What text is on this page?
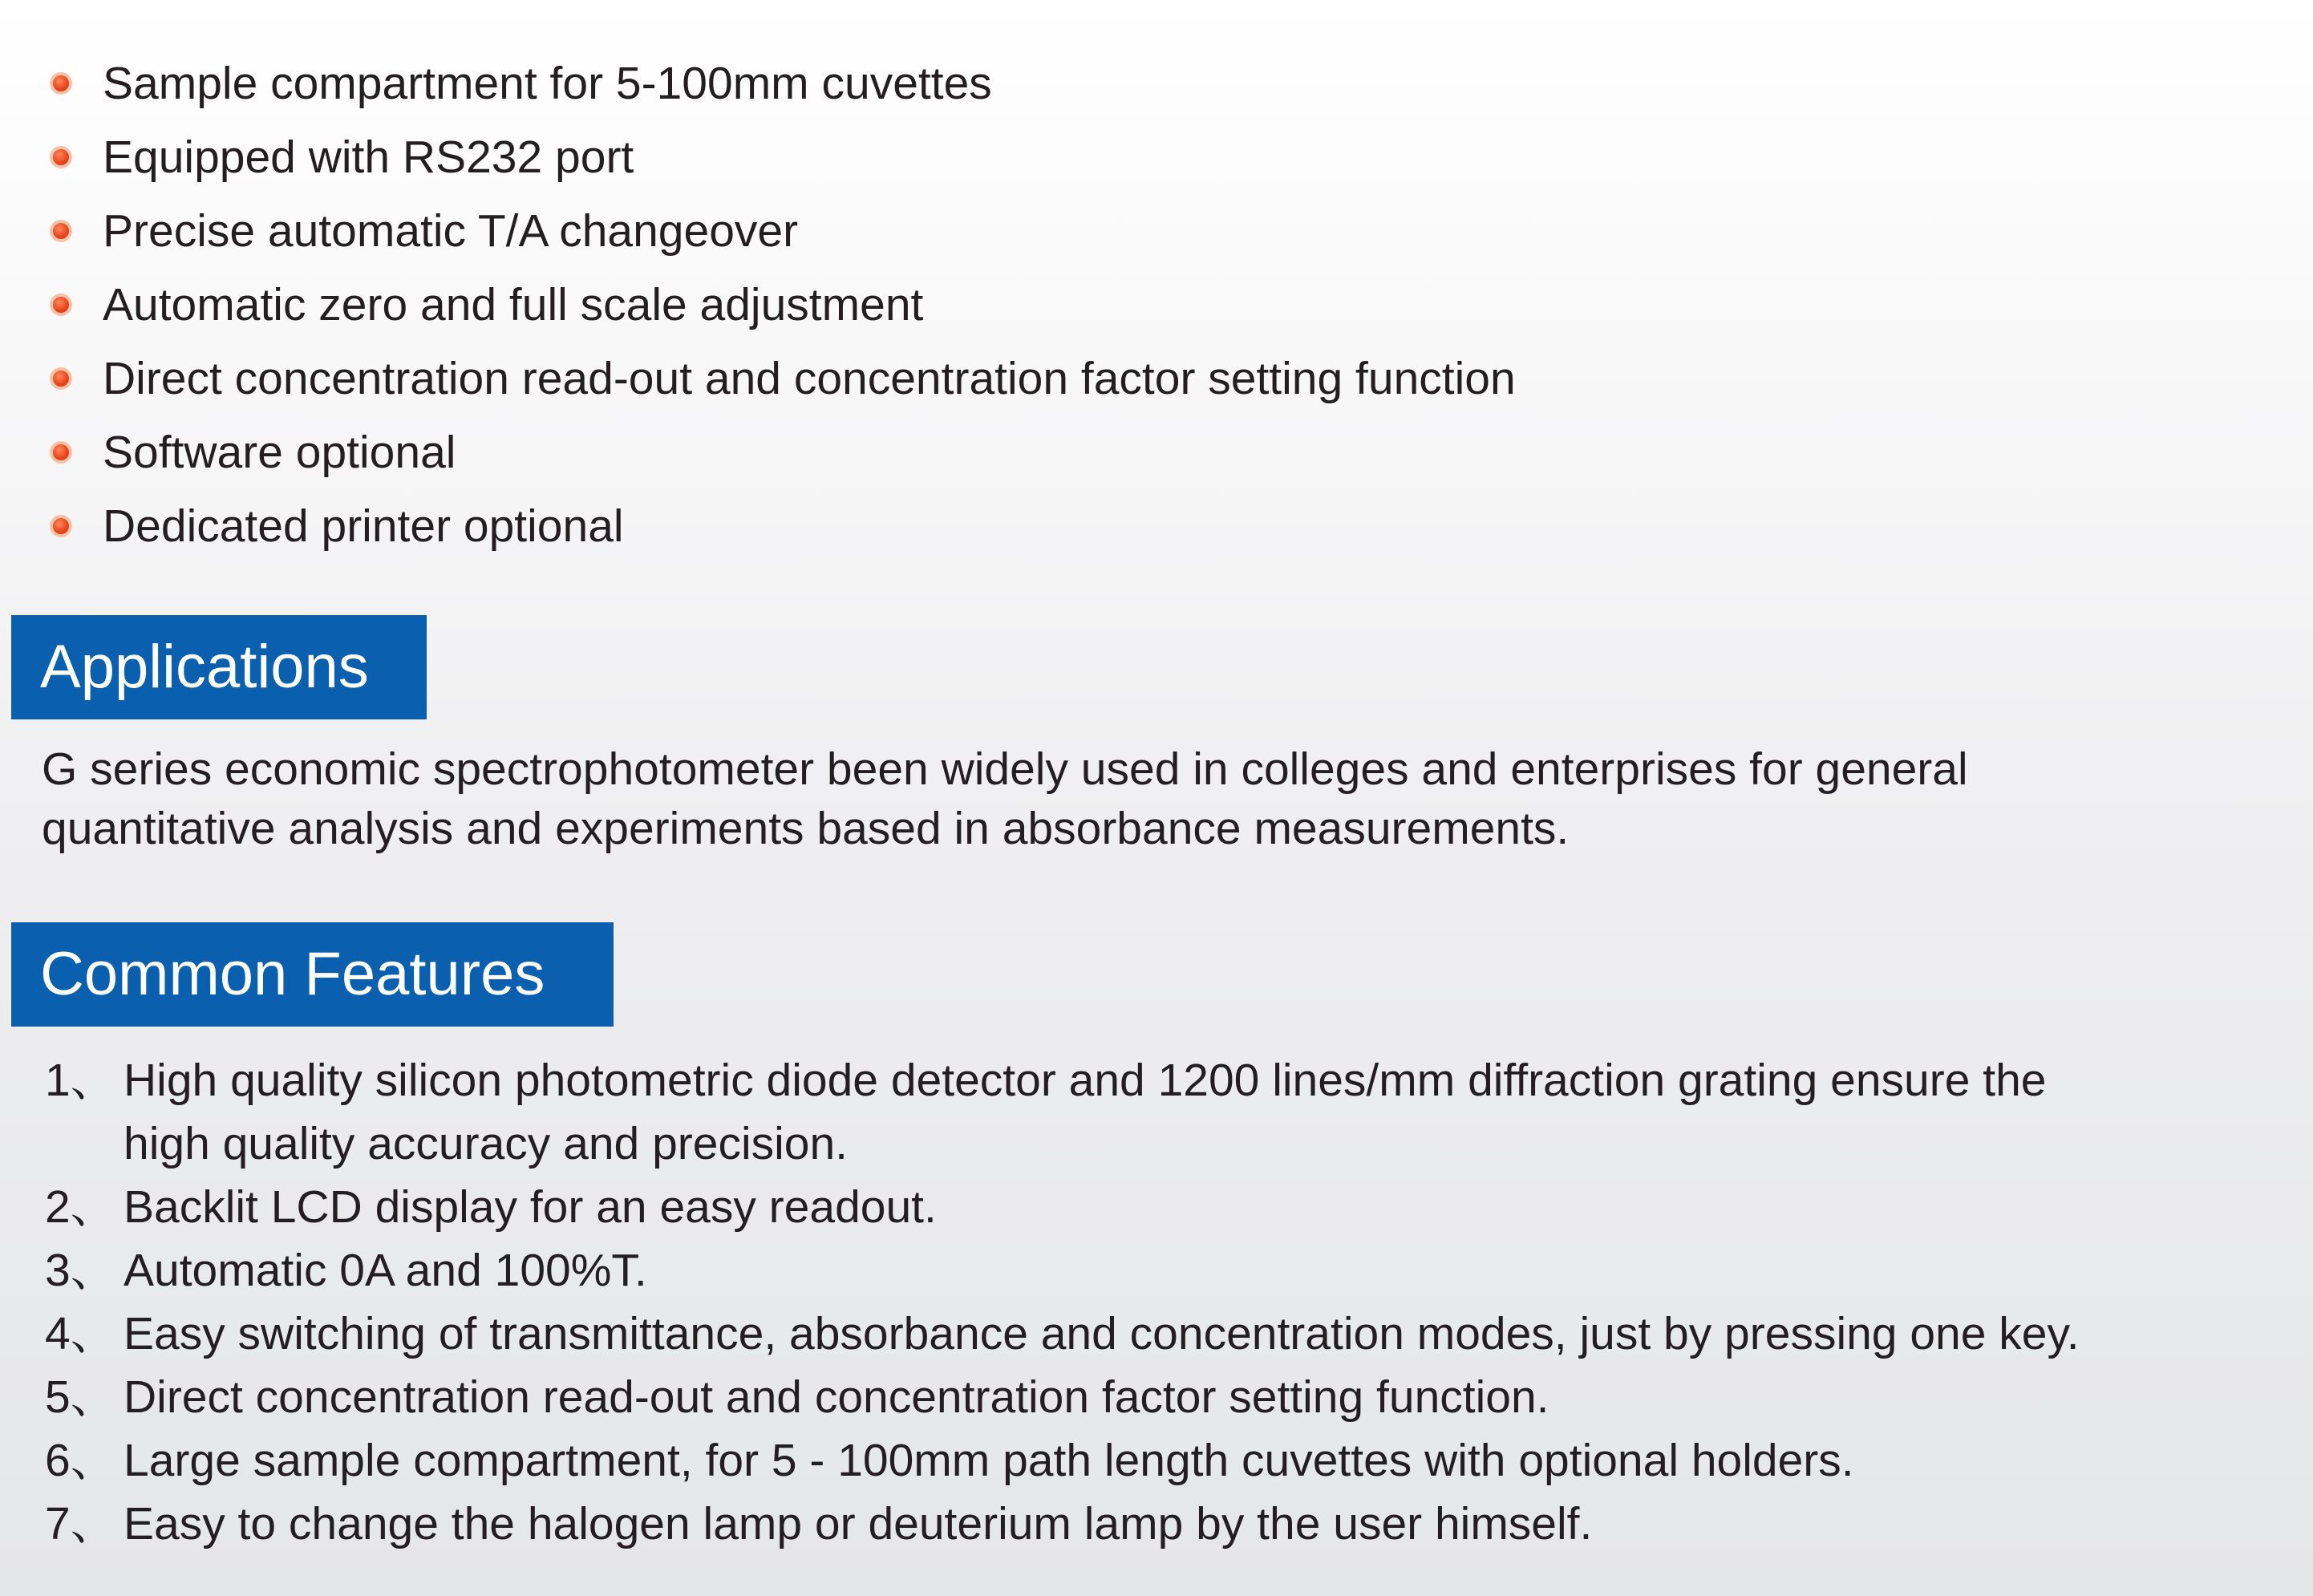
Sample compartment for 5-100mm cuvettes
Equipped with RS232 port
Precise automatic T/A changeover
Automatic zero and full scale adjustment
Direct concentration read-out and concentration factor setting function
Software optional
Dedicated printer optional
Applications

G series economic spectrophotometer been widely used in colleges and enterprises for general
quantitative analysis and experiments based in absorbance measurements.

Common Features
1、 High quality silicon photometric diode detector and 1200 lines/mm diffraction grating ensure the
high quality accuracy and precision.
2、 Backlit LCD display for an easy readout.
3、 Automatic 0A and 100%T.
4、 Easy switching of transmittance, absorbance and concentration modes, just by pressing one key.
5、 Direct concentration read-out and concentration factor setting function.
6、 Large sample compartment, for 5 - 100mm path length cuvettes with optional holders.
7、 Easy to change the halogen lamp or deuterium lamp by the user himself.
